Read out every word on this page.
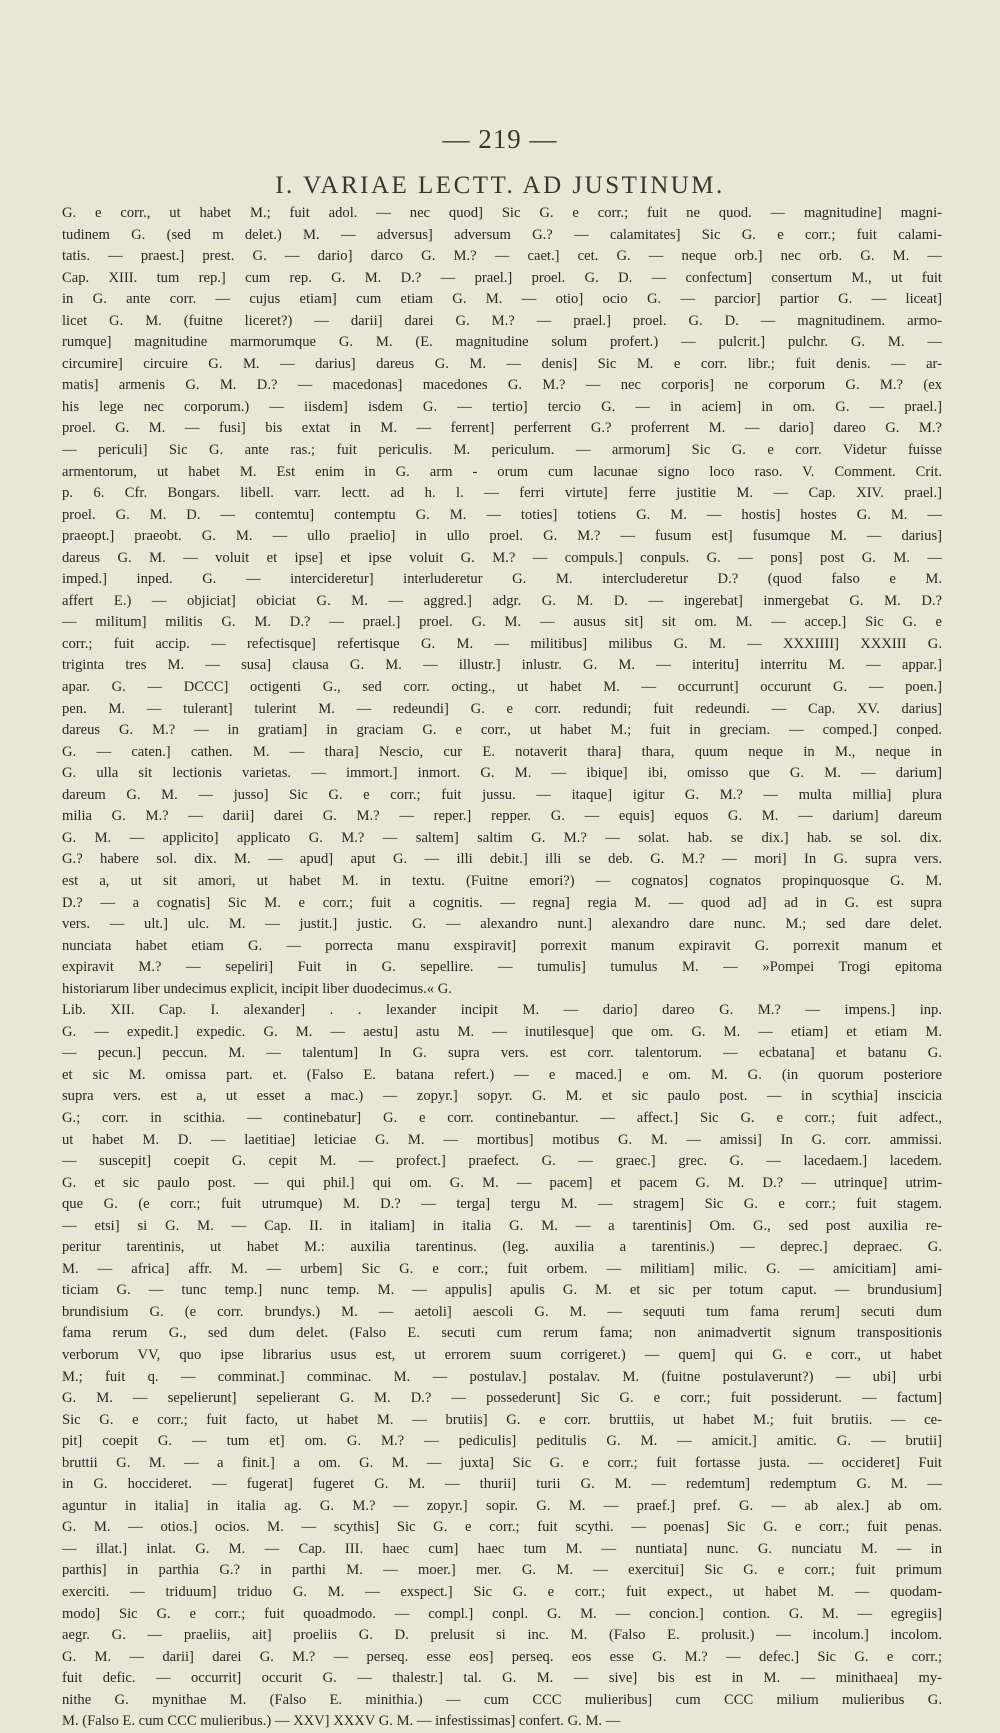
— 219 —
I. VARIAE LECTT. AD JUSTINUM.
G. e corr., ut habet M.; fuit adol. — nec quod] Sic G. e corr.; fuit ne quod. — magnitudine] magni-
tudinem G. (sed m delet.) M. — adversus] adversum G.? — calamitates] Sic G. e corr.; fuit calami-
tatis. — praest.] prest. G. — dario] darco G. M.? — caet.] cet. G. — neque orb.] nec orb. G. M. —
Cap. XIII. tum rep.] cum rep. G. M. D.? — prael.] proel. G. D. — confectum] consertum M., ut fuit
in G. ante corr. — cujus etiam] cum etiam G. M. — otio] ocio G. — parcior] partior G. — liceat]
licet G. M. (fuitne liceret?) — darii] darei G. M.? — prael.] proel. G. D. — magnitudinem. armo-
rumque] magnitudine marmorumque G. M. (E. magnitudine solum profert.) — pulcrit.] pulchr. G. M. —
circumire] circuire G. M. — darius] dareus G. M. — denis] Sic M. e corr. libr.; fuit denis. — ar-
matis] armenis G. M. D.? — macedonas] macedones G. M.? — nec corporis] ne corporum G. M.? (ex
his lege nec corporum.) — iisdem] isdem G. — tertio] tercio G. — in aciem] in om. G. — prael.]
proel. G. M. — fusi] bis extat in M. — ferrent] perferrent G.? proferrent M. — dario] dareo G. M.?
— periculi] Sic G. ante ras.; fuit periculis. M. periculum. — armorum] Sic G. e corr. Videtur fuisse
armentorum, ut habet M. Est enim in G. arm - orum cum lacunae signo loco raso. V. Comment. Crit.
p. 6. Cfr. Bongars. libell. varr. lectt. ad h. l. — ferri virtute] ferre justitie M. — Cap. XIV. prael.]
proel. G. M. D. — contemtu] contemptu G. M. — toties] totiens G. M. — hostis] hostes G. M. —
praeopt.] praeobt. G. M. — ullo praelio] in ullo proel. G. M.? — fusum est] fusumque M. — darius]
dareus G. M. — voluit et ipse] et ipse voluit G. M.? — compuls.] conpuls. G. — pons] post G. M. —
imped.] inped. G. — intercideretur] interluderetur G. M. intercluderetur D.? (quod falso e M.
affert E.) — objiciat] obiciat G. M. — aggred.] adgr. G. M. D. — ingerebat] inmergebat G. M. D.?
— militum] militis G. M. D.? — prael.] proel. G. M. — ausus sit] sit om. M. — accep.] Sic G. e
corr.; fuit accip. — refectisque] refertisque G. M. — militibus] milibus G. M. — XXXIIII] XXXIII G.
triginta tres M. — susa] clausa G. M. — illustr.] inlustr. G. M. — interitu] interritu M. — appar.]
apar. G. — DCCC] octigenti G., sed corr. octing., ut habet M. — occurrunt] occurunt G. — poen.]
pen. M. — tulerant] tulerint M. — redeundi] G. e corr. redundi; fuit redeundi. — Cap. XV. darius]
dareus G. M.? — in gratiam] in graciam G. e corr., ut habet M.; fuit in greciam. — comped.] conped.
G. — caten.] cathen. M. — thara] Nescio, cur E. notaverit thara] thara, quum neque in M., neque in
G. ulla sit lectionis varietas. — immort.] inmort. G. M. — ibique] ibi, omisso que G. M. — darium]
dareum G. M. — jusso] Sic G. e corr.; fuit jussu. — itaque] igitur G. M.? — multa millia] plura
milia G. M.? — darii] darei G. M.? — reper.] repper. G. — equis] equos G. M. — darium] dareum
G. M. — applicito] applicato G. M.? — saltem] saltim G. M.? — solat. hab. se dix.] hab. se sol. dix.
G.? habere sol. dix. M. — apud] aput G. — illi debit.] illi se deb. G. M.? — mori] In G. supra vers.
est a, ut sit amori, ut habet M. in textu. (Fuitne emori?) — cognatos] cognatos propinquosque G. M.
D.? — a cognatis] Sic M. e corr.; fuit a cognitis. — regna] regia M. — quod ad] ad in G. est supra
vers. — ult.] ulc. M. — justit.] justic. G. — alexandro nunt.] alexandro dare nunc. M.; sed dare delet.
nunciata habet etiam G. — porrecta manu exspiravit] porrexit manum expiravit G. porrexit manum et
expiravit M.? — sepeliri] Fuit in G. sepellire. — tumulis] tumulus M. — »Pompei Trogi epitoma
historiarum liber undecimus explicit, incipit liber duodecimus.« G.
Lib. XII. Cap. I. alexander] . . lexander incipit M. — dario] dareo G. M.? — impens.] inp.
G. — expedit.] expedic. G. M. — aestu] astu M. — inutilesque] que om. G. M. — etiam] et etiam M.
— pecun.] peccun. M. — talentum] In G. supra vers. est corr. talentorum. — ecbatana] et batanu G.
et sic M. omissa part. et. (Falso E. batana refert.) — e maced.] e om. M. G. (in quorum posteriore
supra vers. est a, ut esset a mac.) — zopyr.] sopyr. G. M. et sic paulo post. — in scythia] inscicia
G.; corr. in scithia. — continebatur] G. e corr. continebantur. — affect.] Sic G. e corr.; fuit adfect.,
ut habet M. D. — laetitiae] leticiae G. M. — mortibus] motibus G. M. — amissi] In G. corr. ammissi.
— suscepit] coepit G. cepit M. — profect.] praefect. G. — graec.] grec. G. — lacedaem.] lacedem.
G. et sic paulo post. — qui phil.] qui om. G. M. — pacem] et pacem G. M. D.? — utrinque] utrim-
que G. (e corr.; fuit utrumque) M. D.? — terga] tergu M. — stragem] Sic G. e corr.; fuit stagem.
— etsi] si G. M. — Cap. II. in italiam] in italia G. M. — a tarentinis] Om. G., sed post auxilia re-
peritur tarentinis, ut habet M.: auxilia tarentinus. (leg. auxilia a tarentinis.) — deprec.] depraec. G.
M. — africa] affr. M. — urbem] Sic G. e corr.; fuit orbem. — militiam] milic. G. — amicitiam] ami-
ticiam G. — tunc temp.] nunc temp. M. — appulis] apulis G. M. et sic per totum caput. — brundusium]
brundisium G. (e corr. brundys.) M. — aetoli] aescoli G. M. — sequuti tum fama rerum] secuti dum
fama rerum G., sed dum delet. (Falso E. secuti cum rerum fama; non animadvertit signum transpositionis
verborum VV, quo ipse librarius usus est, ut errorem suum corrigeret.) — quem] qui G. e corr., ut habet
M.; fuit q. — comminat.] comminac. M. — postulav.] postalav. M. (fuitne postulaverunt?) — ubi] urbi
G. M. — sepelierunt] sepelierant G. M. D.? — possederunt] Sic G. e corr.; fuit possiderunt. — factum]
Sic G. e corr.; fuit facto, ut habet M. — brutiis] G. e corr. bruttiis, ut habet M.; fuit brutiis. — ce-
pit] coepit G. — tum et] om. G. M.? — pediculis] peditulis G. M. — amicit.] amitic. G. — brutii]
bruttii G. M. — a finit.] a om. G. M. — juxta] Sic G. e corr.; fuit fortasse justa. — occideret] Fuit
in G. hoccideret. — fugerat] fugeret G. M. — thurii] turii G. M. — redemtum] redemptum G. M. —
aguntur in italia] in italia ag. G. M.? — zopyr.] sopir. G. M. — praef.] pref. G. — ab alex.] ab om.
G. M. — otios.] ocios. M. — scythis] Sic G. e corr.; fuit scythi. — poenas] Sic G. e corr.; fuit penas.
— illat.] inlat. G. M. — Cap. III. haec cum] haec tum M. — nuntiata] nunc. G. nunciatu M. — in
parthis] in parthia G.? in parthi M. — moer.] mer. G. M. — exercitui] Sic G. e corr.; fuit primum
exerciti. — triduum] triduo G. M. — exspect.] Sic G. e corr.; fuit expect., ut habet M. — quodam-
modo] Sic G. e corr.; fuit quoadmodo. — compl.] conpl. G. M. — concion.] contion. G. M. — egregiis]
aegr. G. — praeliis, ait] proeliis G. D. prelusit si inc. M. (Falso E. prolusit.) — incolum.] incolom.
G. M. — darii] darei G. M.? — perseq. esse eos] perseq. eos esse G. M.? — defec.] Sic G. e corr.;
fuit defic. — occurrit] occurit G. — thalestr.] tal. G. M. — sive] bis est in M. — minithaea] my-
nithe G. mynithae M. (Falso E. minithia.) — cum CCC mulieribus] cum CCC milium mulieribus G.
M. (Falso E. cum CCC mulieribus.) — XXV] XXXV G. M. — infestissimas] confert. G. M. —
